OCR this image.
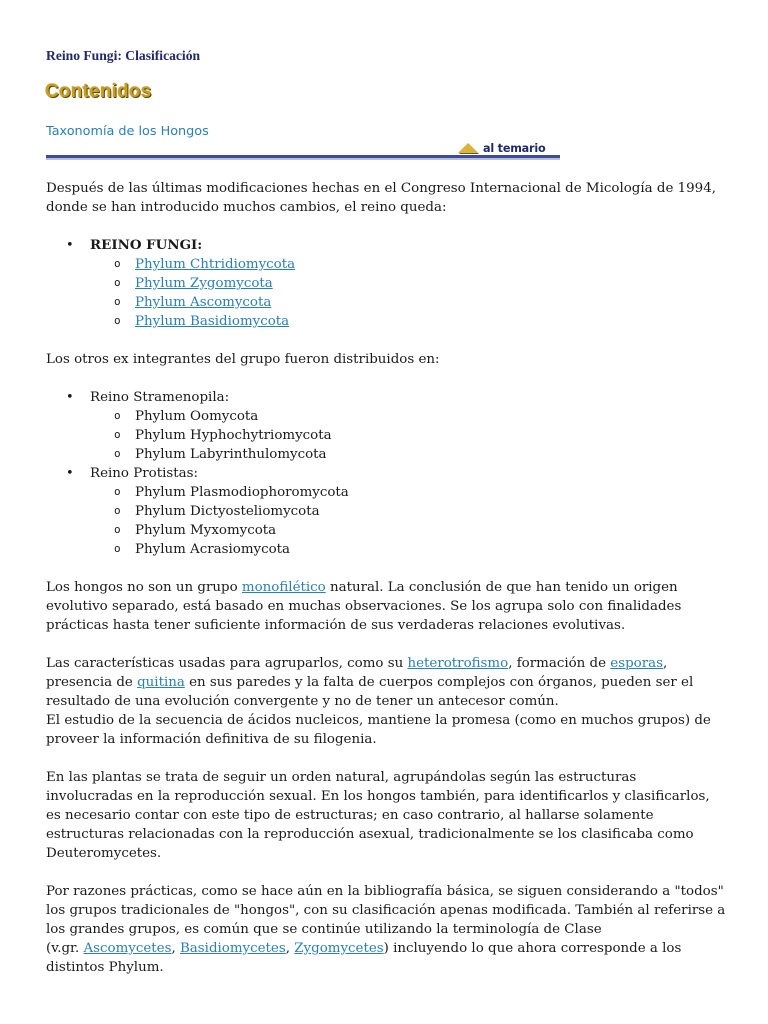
Reino Fungi: Clasificación
Contenidos
Taxonomía de los Hongos
al temario

Después de las últimas modificaciones hechas en el Congreso Internacional de Micología de 1994, donde se han introducido muchos cambios, el reino queda:

• REINO FUNGI:
o Phylum Chtridiomycota
o Phylum Zygomycota
o Phylum Ascomycota
o Phylum Basidiomycota

Los otros ex integrantes del grupo fueron distribuidos en:

• Reino Stramenopila:
o Phylum Oomycota
o Phylum Hyphochytriomycota
o Phylum Labyrinthulomycota
• Reino Protistas:
o Phylum Plasmodiophoromycota
o Phylum Dictyosteliomycota
o Phylum Myxomycota
o Phylum Acrasiomycota

Los hongos no son un grupo monofilético natural. La conclusión de que han tenido un origen evolutivo separado, está basado en muchas observaciones. Se los agrupa solo con finalidades prácticas hasta tener suficiente información de sus verdaderas relaciones evolutivas.

Las características usadas para agruparlos, como su heterotrofismo, formación de esporas, presencia de quitina en sus paredes y la falta de cuerpos complejos con órganos, pueden ser el resultado de una evolución convergente y no de tener un antecesor común.
El estudio de la secuencia de ácidos nucleicos, mantiene la promesa (como en muchos grupos) de proveer la información definitiva de su filogenia.

En las plantas se trata de seguir un orden natural, agrupándolas según las estructuras involucradas en la reproducción sexual. En los hongos también, para identificarlos y clasificarlos, es necesario contar con este tipo de estructuras; en caso contrario, al hallarse solamente estructuras relacionadas con la reproducción asexual, tradicionalmente se los clasificaba como Deuteromycetes.

Por razones prácticas, como se hace aún en la bibliografía básica, se siguen considerando a "todos" los grupos tradicionales de "hongos", con su clasificación apenas modificada. También al referirse a los grandes grupos, es común que se continúe utilizando la terminología de Clase
(v.gr. Ascomycetes, Basidiomycetes, Zygomycetes) incluyendo lo que ahora corresponde a los distintos Phylum.
